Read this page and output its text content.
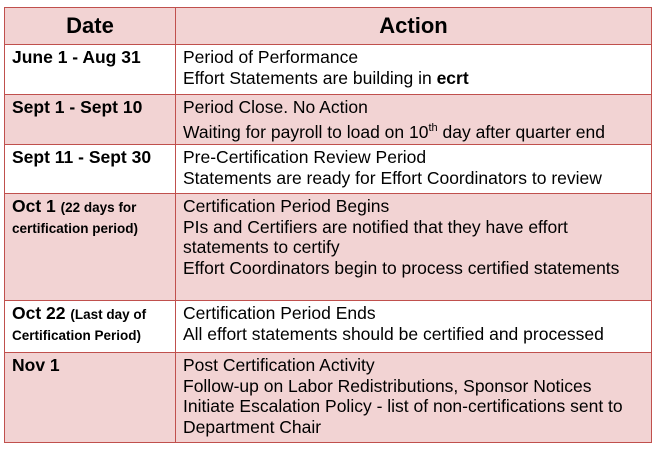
Date	Action
June 1 - Aug 31	Period of Performance
Effort Statements are building in ecrt

Sept 1 - Sept 10	Period Close. No Action
Waiting for payroll to load on 10th day after quarter end

Sept 11 - Sept 30	Pre-Certification Review Period
Statements are ready for Effort Coordinators to review

Oct 1 (22 days for
certification period)	Certification Period Begins
PIs and Certifiers are notified that they have effort statements to certify
Effort Coordinators begin to process certified statements

Oct 22 (Last day of
Certification Period)	Certification Period Ends
All effort statements should be certified and processed

Nov 1	Post Certification Activity
Follow-up on Labor Redistributions, Sponsor Notices
Initiate Escalation Policy - list of non-certifications sent to Department Chair
